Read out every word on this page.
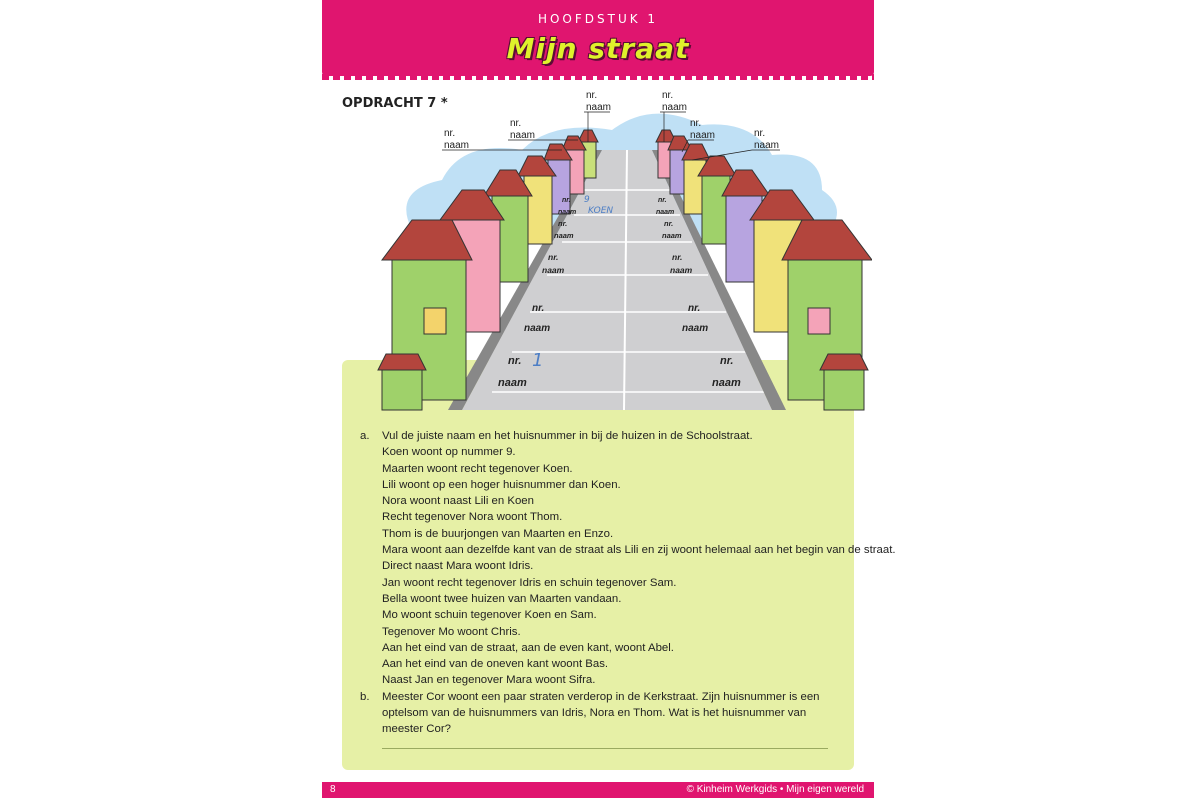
HOOFDSTUK 1
Mijn straat
nr.
naam
nr.
naam
nr.
naam
nr.
naam
nr.
naam
nr.
naam
nr. 9
naam KOEN
nr.
naam
nr.
naam
nr.
naam
nr. 1
naam
nr.
naam
nr.
naam
nr.
naam
nr.
naam
nr.
naam
OPDRACHT 7 *
8	© Kinheim Werkgids • Mijn eigen wereld
a.	Vul de juiste naam en het huisnummer in bij de huizen in de Schoolstraat.
Koen woont op nummer 9.
Maarten woont recht tegenover Koen.
Lili woont op een hoger huisnummer dan Koen.
Nora woont naast Lili en Koen
Recht tegenover Nora woont Thom.
Thom is de buurjongen van Maarten en Enzo.
Mara woont aan dezelfde kant van de straat als Lili en zij woont helemaal aan het begin van de straat.
Direct naast Mara woont Idris.
Jan woont recht tegenover Idris en schuin tegenover Sam.
Bella woont twee huizen van Maarten vandaan.
Mo woont schuin tegenover Koen en Sam.
Tegenover Mo woont Chris.
Aan het eind van de straat, aan de even kant, woont Abel.
Aan het eind van de oneven kant woont Bas.
Naast Jan en tegenover Mara woont Sifra.
b.	Meester Cor woont een paar straten verderop in de Kerkstraat. Zijn huisnummer is een
optelsom van de huisnummers van Idris, Nora en Thom. Wat is het huisnummer van
meester Cor?
